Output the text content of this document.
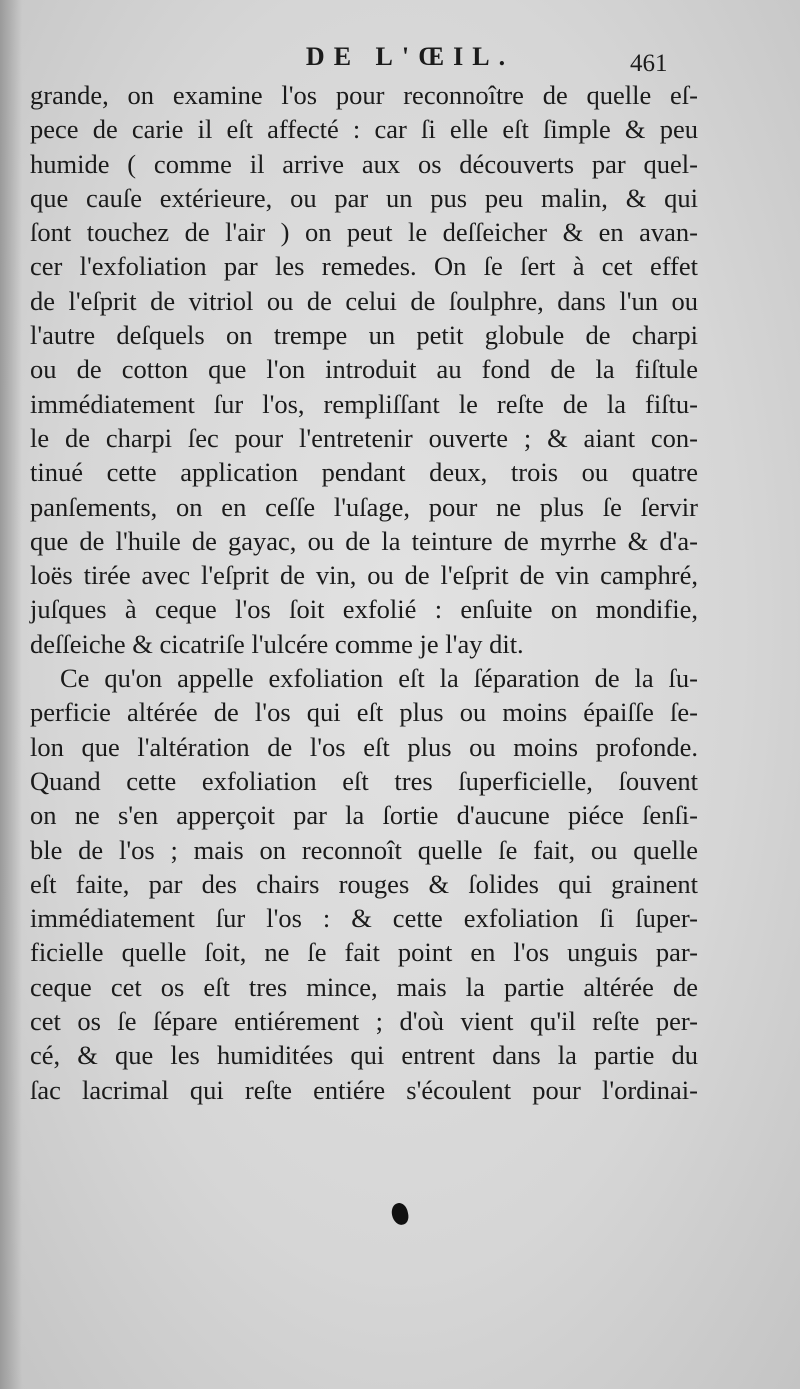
DE L'ŒIL.	461
grande, on examine l'os pour reconnoître de quelle eſ-
pece de carie il eſt affecté : car ſi elle eſt ſimple & peu
humide ( comme il arrive aux os découverts par quel-
que cauſe extérieure, ou par un pus peu malin, & qui
ſont touchez de l'air ) on peut le deſſeicher & en avan-
cer l'exfoliation par les remedes. On ſe ſert à cet effet
de l'eſprit de vitriol ou de celui de ſoulphre, dans l'un ou
l'autre deſquels on trempe un petit globule de charpi
ou de cotton que l'on introduit au fond de la fiſtule
immédiatement ſur l'os, rempliſſant le reſte de la fiſtu-
le de charpi ſec pour l'entretenir ouverte ; & aiant con-
tinué cette application pendant deux, trois ou quatre
panſements, on en ceſſe l'uſage, pour ne plus ſe ſervir
que de l'huile de gayac, ou de la teinture de myrrhe & d'a-
loës tirée avec l'eſprit de vin, ou de l'eſprit de vin camphré,
juſques à ceque l'os ſoit exfolié : enſuite on mondifie,
deſſeiche & cicatriſe l'ulcére comme je l'ay dit.
Ce qu'on appelle exfoliation eſt la ſéparation de la ſu-
perficie altérée de l'os qui eſt plus ou moins épaiſſe ſe-
lon que l'altération de l'os eſt plus ou moins profonde.
Quand cette exfoliation eſt tres ſuperficielle, ſouvent
on ne s'en apperçoit par la ſortie d'aucune piéce ſenſi-
ble de l'os ; mais on reconnoît quelle ſe fait, ou quelle
eſt faite, par des chairs rouges & ſolides qui grainent
immédiatement ſur l'os : & cette exfoliation ſi ſuper-
ficielle quelle ſoit, ne ſe fait point en l'os unguis par-
ceque cet os eſt tres mince, mais la partie altérée de
cet os ſe ſépare entiérement ; d'où vient qu'il reſte per-
cé, & que les humiditées qui entrent dans la partie du
ſac lacrimal qui reſte entiére s'écoulent pour l'ordinai-
